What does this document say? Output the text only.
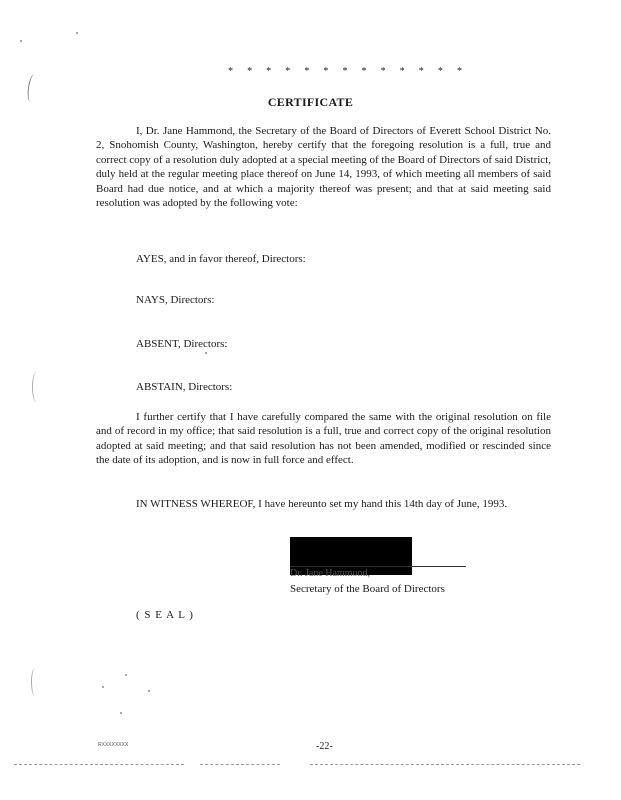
* * * * * * * * * * * * *
CERTIFICATE
I, Dr. Jane Hammond, the Secretary of the Board of Directors of Everett School District No. 2, Snohomish County, Washington, hereby certify that the foregoing resolution is a full, true and correct copy of a resolution duly adopted at a special meeting of the Board of Directors of said District, duly held at the regular meeting place thereof on June 14, 1993, of which meeting all members of said Board had due notice, and at which a majority thereof was present; and that at said meeting said resolution was adopted by the following vote:
AYES, and in favor thereof, Directors:
NAYS, Directors:
ABSENT, Directors:
ABSTAIN, Directors:
I further certify that I have carefully compared the same with the original resolution on file and of record in my office; that said resolution is a full, true and correct copy of the original resolution adopted at said meeting; and that said resolution has not been amended, modified or rescinded since the date of its adoption, and is now in full force and effect.
IN WITNESS WHEREOF, I have hereunto set my hand this 14th day of June, 1993.
Dr. Jane Hammond,
Secretary of the Board of Directors
( S E A L )
RXXXXXXXX	-22-
